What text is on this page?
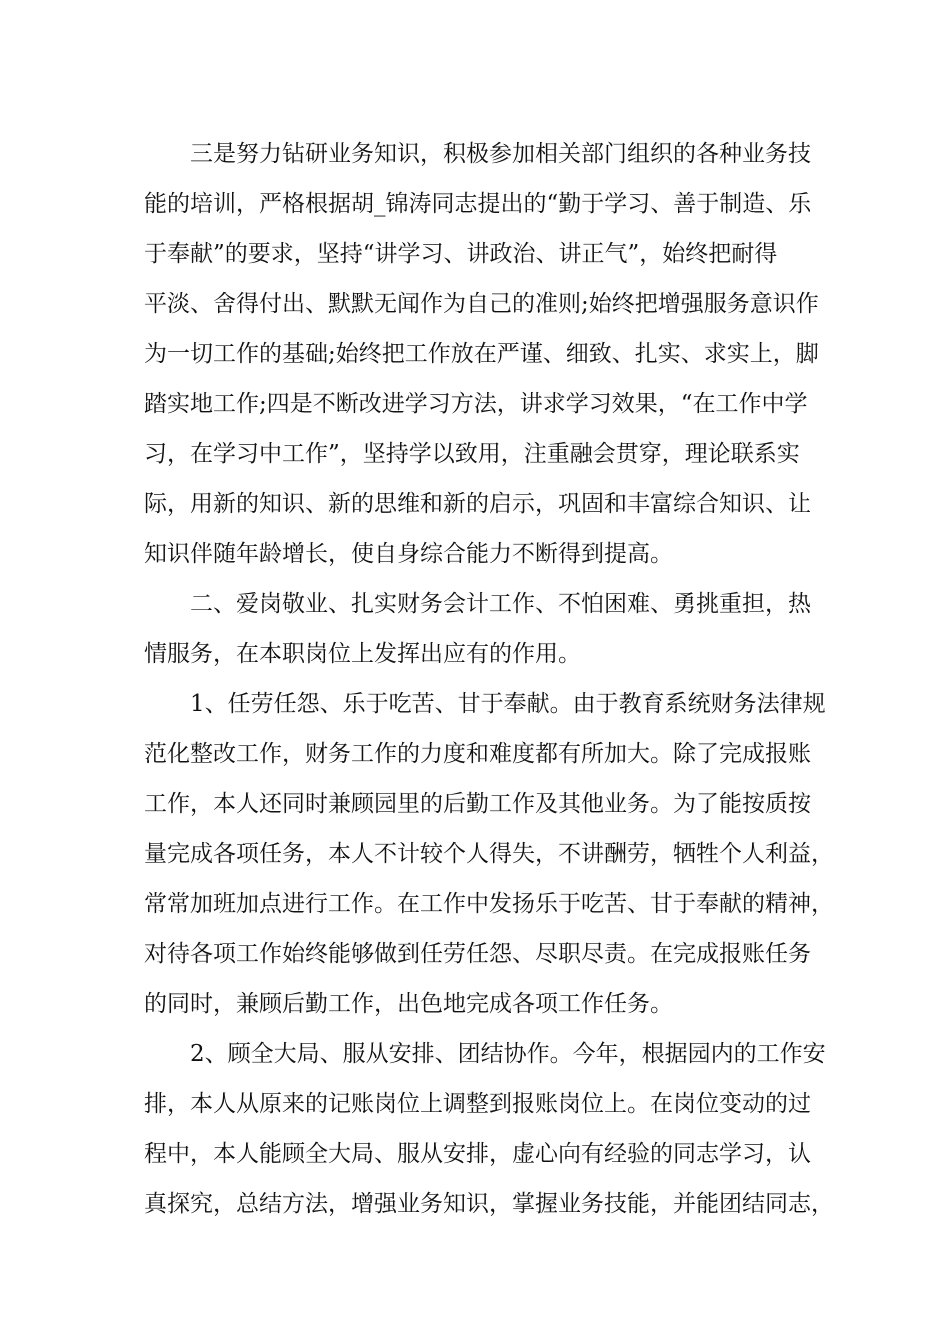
三是努力钻研业务知识，积极参加相关部门组织的各种业务技

能的培训，严格根据胡_锦涛同志提出的“勤于学习、善于制造、乐

于奉献”的要求，坚持“讲学习、讲政治、讲正气”，始终把耐得

平淡、舍得付出、默默无闻作为自己的准则;始终把增强服务意识作

为一切工作的基础;始终把工作放在严谨、细致、扎实、求实上，脚

踏实地工作;四是不断改进学习方法，讲求学习效果，“在工作中学

习，在学习中工作”，坚持学以致用，注重融会贯穿，理论联系实

际，用新的知识、新的思维和新的启示，巩固和丰富综合知识、让

知识伴随年龄增长，使自身综合能力不断得到提高。

二、爱岗敬业、扎实财务会计工作、不怕困难、勇挑重担，热

情服务，在本职岗位上发挥出应有的作用。

1、任劳任怨、乐于吃苦、甘于奉献。由于教育系统财务法律规

范化整改工作，财务工作的力度和难度都有所加大。除了完成报账

工作，本人还同时兼顾园里的后勤工作及其他业务。为了能按质按

量完成各项任务，本人不计较个人得失，不讲酬劳，牺牲个人利益，

常常加班加点进行工作。在工作中发扬乐于吃苦、甘于奉献的精神，

对待各项工作始终能够做到任劳任怨、尽职尽责。在完成报账任务

的同时，兼顾后勤工作，出色地完成各项工作任务。

2、顾全大局、服从安排、团结协作。今年，根据园内的工作安

排，本人从原来的记账岗位上调整到报账岗位上。在岗位变动的过

程中，本人能顾全大局、服从安排，虚心向有经验的同志学习，认

真探究，总结方法，增强业务知识，掌握业务技能，并能团结同志，
